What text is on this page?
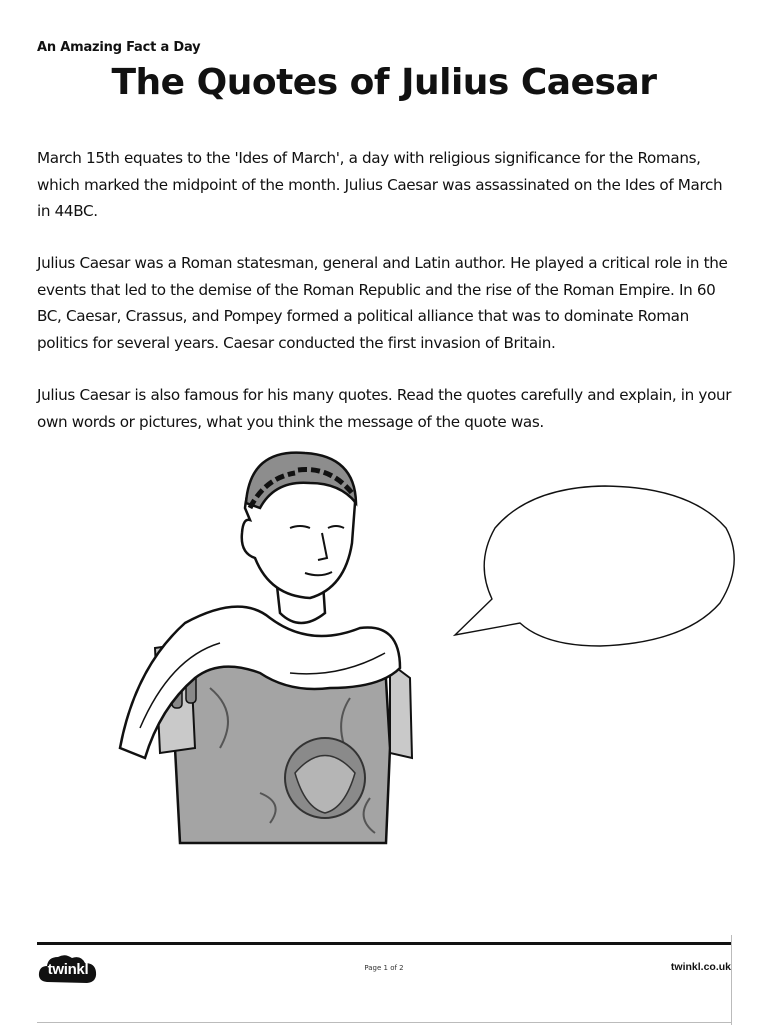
An Amazing Fact a Day
The Quotes of Julius Caesar

March 15th equates to the 'Ides of March', a day with religious significance for the Romans, which marked the midpoint of the month. Julius Caesar was assassinated on the Ides of March in 44BC.

Julius Caesar was a Roman statesman, general and Latin author. He played a critical role in the events that led to the demise of the Roman Republic and the rise of the Roman Empire. In 60 BC, Caesar, Crassus, and Pompey formed a political alliance that was to dominate Roman politics for several years. Caesar conducted the first invasion of Britain.

Julius Caesar is also famous for his many quotes. Read the quotes carefully and explain, in your own words or pictures, what you think the message of the quote was.

twinkl	Page 1 of 2	twinkl.co.uk
